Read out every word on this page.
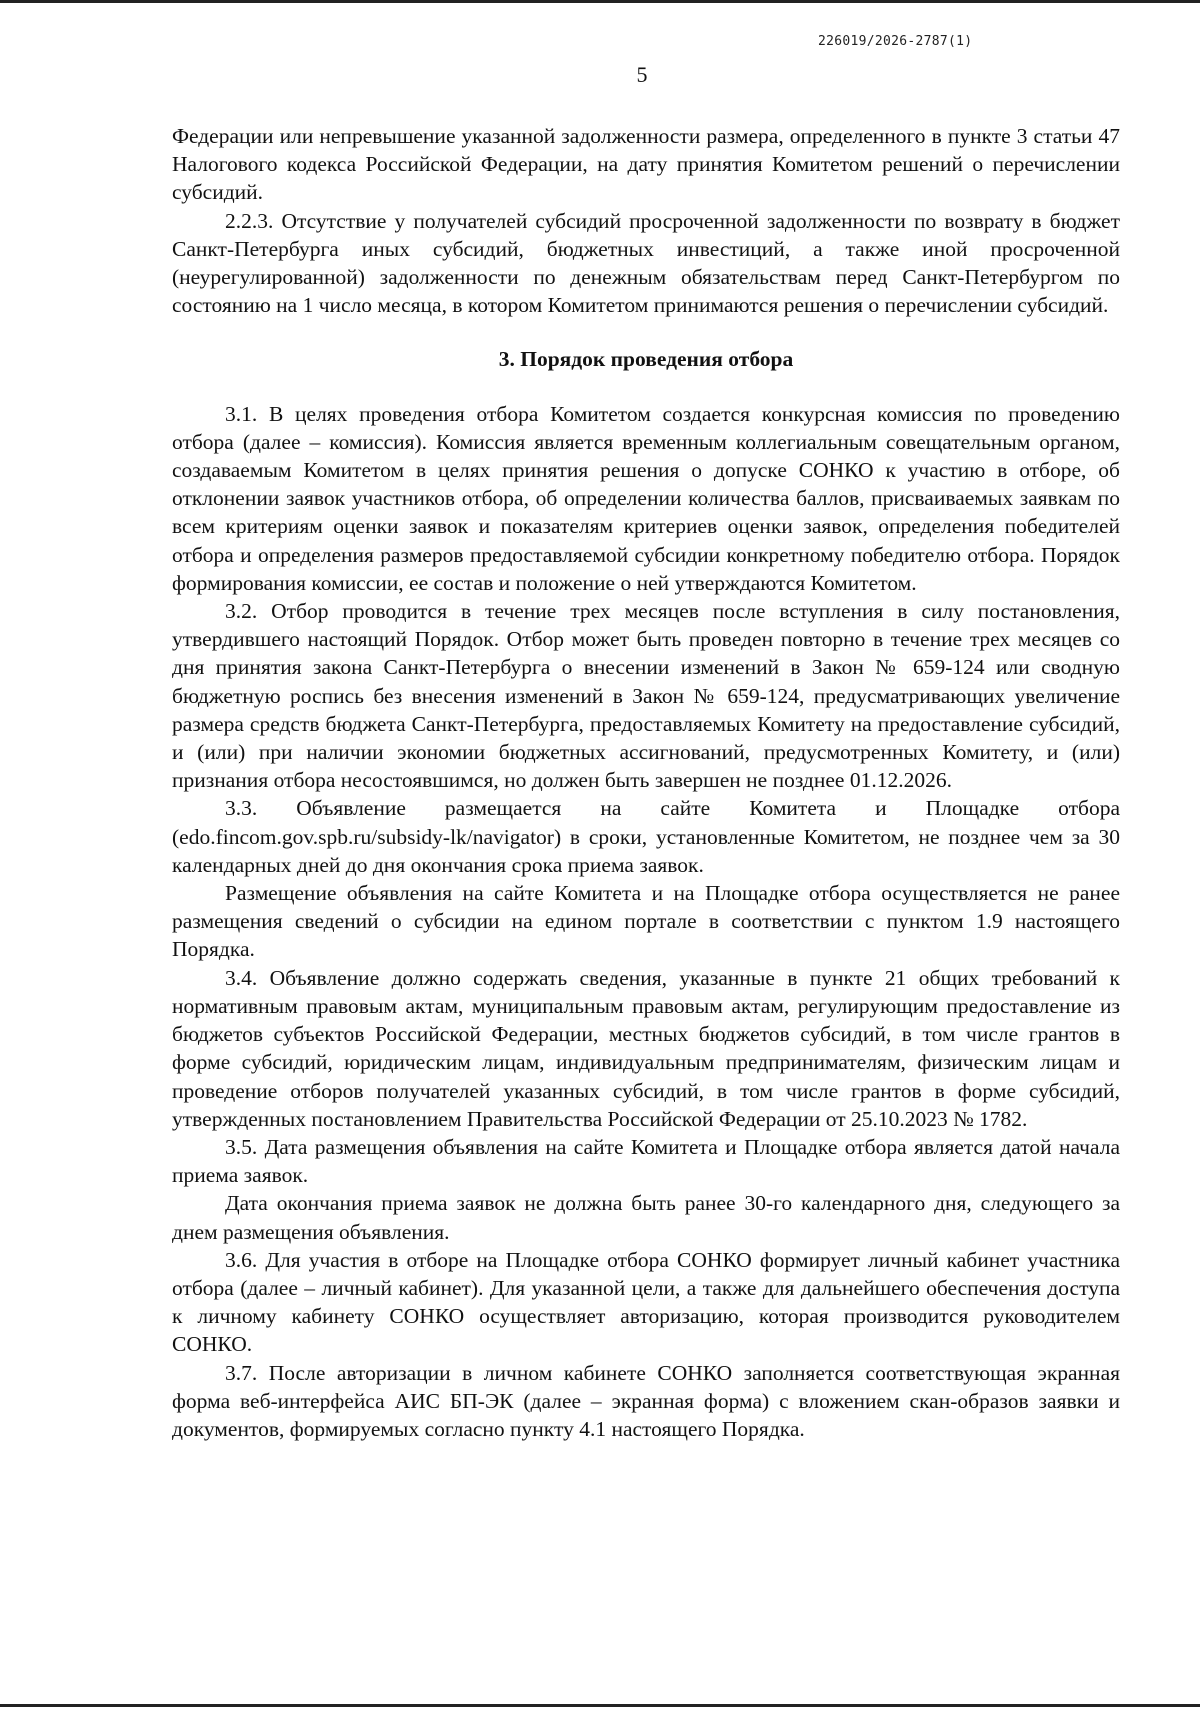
226019/2026-2787(1)
5

Федерации или непревышение указанной задолженности размера, определенного в пункте 3 статьи 47 Налогового кодекса Российской Федерации, на дату принятия Комитетом решений о перечислении субсидий.

2.2.3. Отсутствие у получателей субсидий просроченной задолженности по возврату в бюджет Санкт-Петербурга иных субсидий, бюджетных инвестиций, а также иной просроченной (неурегулированной) задолженности по денежным обязательствам перед Санкт-Петербургом по состоянию на 1 число месяца, в котором Комитетом принимаются решения о перечислении субсидий.

3. Порядок проведения отбора

3.1. В целях проведения отбора Комитетом создается конкурсная комиссия по проведению отбора (далее – комиссия). Комиссия является временным коллегиальным совещательным органом, создаваемым Комитетом в целях принятия решения о допуске СОНКО к участию в отборе, об отклонении заявок участников отбора, об определении количества баллов, присваиваемых заявкам по всем критериям оценки заявок и показателям критериев оценки заявок, определения победителей отбора и определения размеров предоставляемой субсидии конкретному победителю отбора. Порядок формирования комиссии, ее состав и положение о ней утверждаются Комитетом.

3.2. Отбор проводится в течение трех месяцев после вступления в силу постановления, утвердившего настоящий Порядок. Отбор может быть проведен повторно в течение трех месяцев со дня принятия закона Санкт-Петербурга о внесении изменений в Закон № 659-124 или сводную бюджетную роспись без внесения изменений в Закон № 659-124, предусматривающих увеличение размера средств бюджета Санкт-Петербурга, предоставляемых Комитету на предоставление субсидий, и (или) при наличии экономии бюджетных ассигнований, предусмотренных Комитету, и (или) признания отбора несостоявшимся, но должен быть завершен не позднее 01.12.2026.

3.3. Объявление размещается на сайте Комитета и Площадке отбора (edo.fincom.gov.spb.ru/subsidy-lk/navigator) в сроки, установленные Комитетом, не позднее чем за 30 календарных дней до дня окончания срока приема заявок.

Размещение объявления на сайте Комитета и на Площадке отбора осуществляется не ранее размещения сведений о субсидии на едином портале в соответствии с пунктом 1.9 настоящего Порядка.

3.4. Объявление должно содержать сведения, указанные в пункте 21 общих требований к нормативным правовым актам, муниципальным правовым актам, регулирующим предоставление из бюджетов субъектов Российской Федерации, местных бюджетов субсидий, в том числе грантов в форме субсидий, юридическим лицам, индивидуальным предпринимателям, физическим лицам и проведение отборов получателей указанных субсидий, в том числе грантов в форме субсидий, утвержденных постановлением Правительства Российской Федерации от 25.10.2023 № 1782.

3.5. Дата размещения объявления на сайте Комитета и Площадке отбора является датой начала приема заявок.

Дата окончания приема заявок не должна быть ранее 30-го календарного дня, следующего за днем размещения объявления.

3.6. Для участия в отборе на Площадке отбора СОНКО формирует личный кабинет участника отбора (далее – личный кабинет). Для указанной цели, а также для дальнейшего обеспечения доступа к личному кабинету СОНКО осуществляет авторизацию, которая производится руководителем СОНКО.

3.7. После авторизации в личном кабинете СОНКО заполняется соответствующая экранная форма веб-интерфейса АИС БП-ЭК (далее – экранная форма) с вложением скан-образов заявки и документов, формируемых согласно пункту 4.1 настоящего Порядка.
